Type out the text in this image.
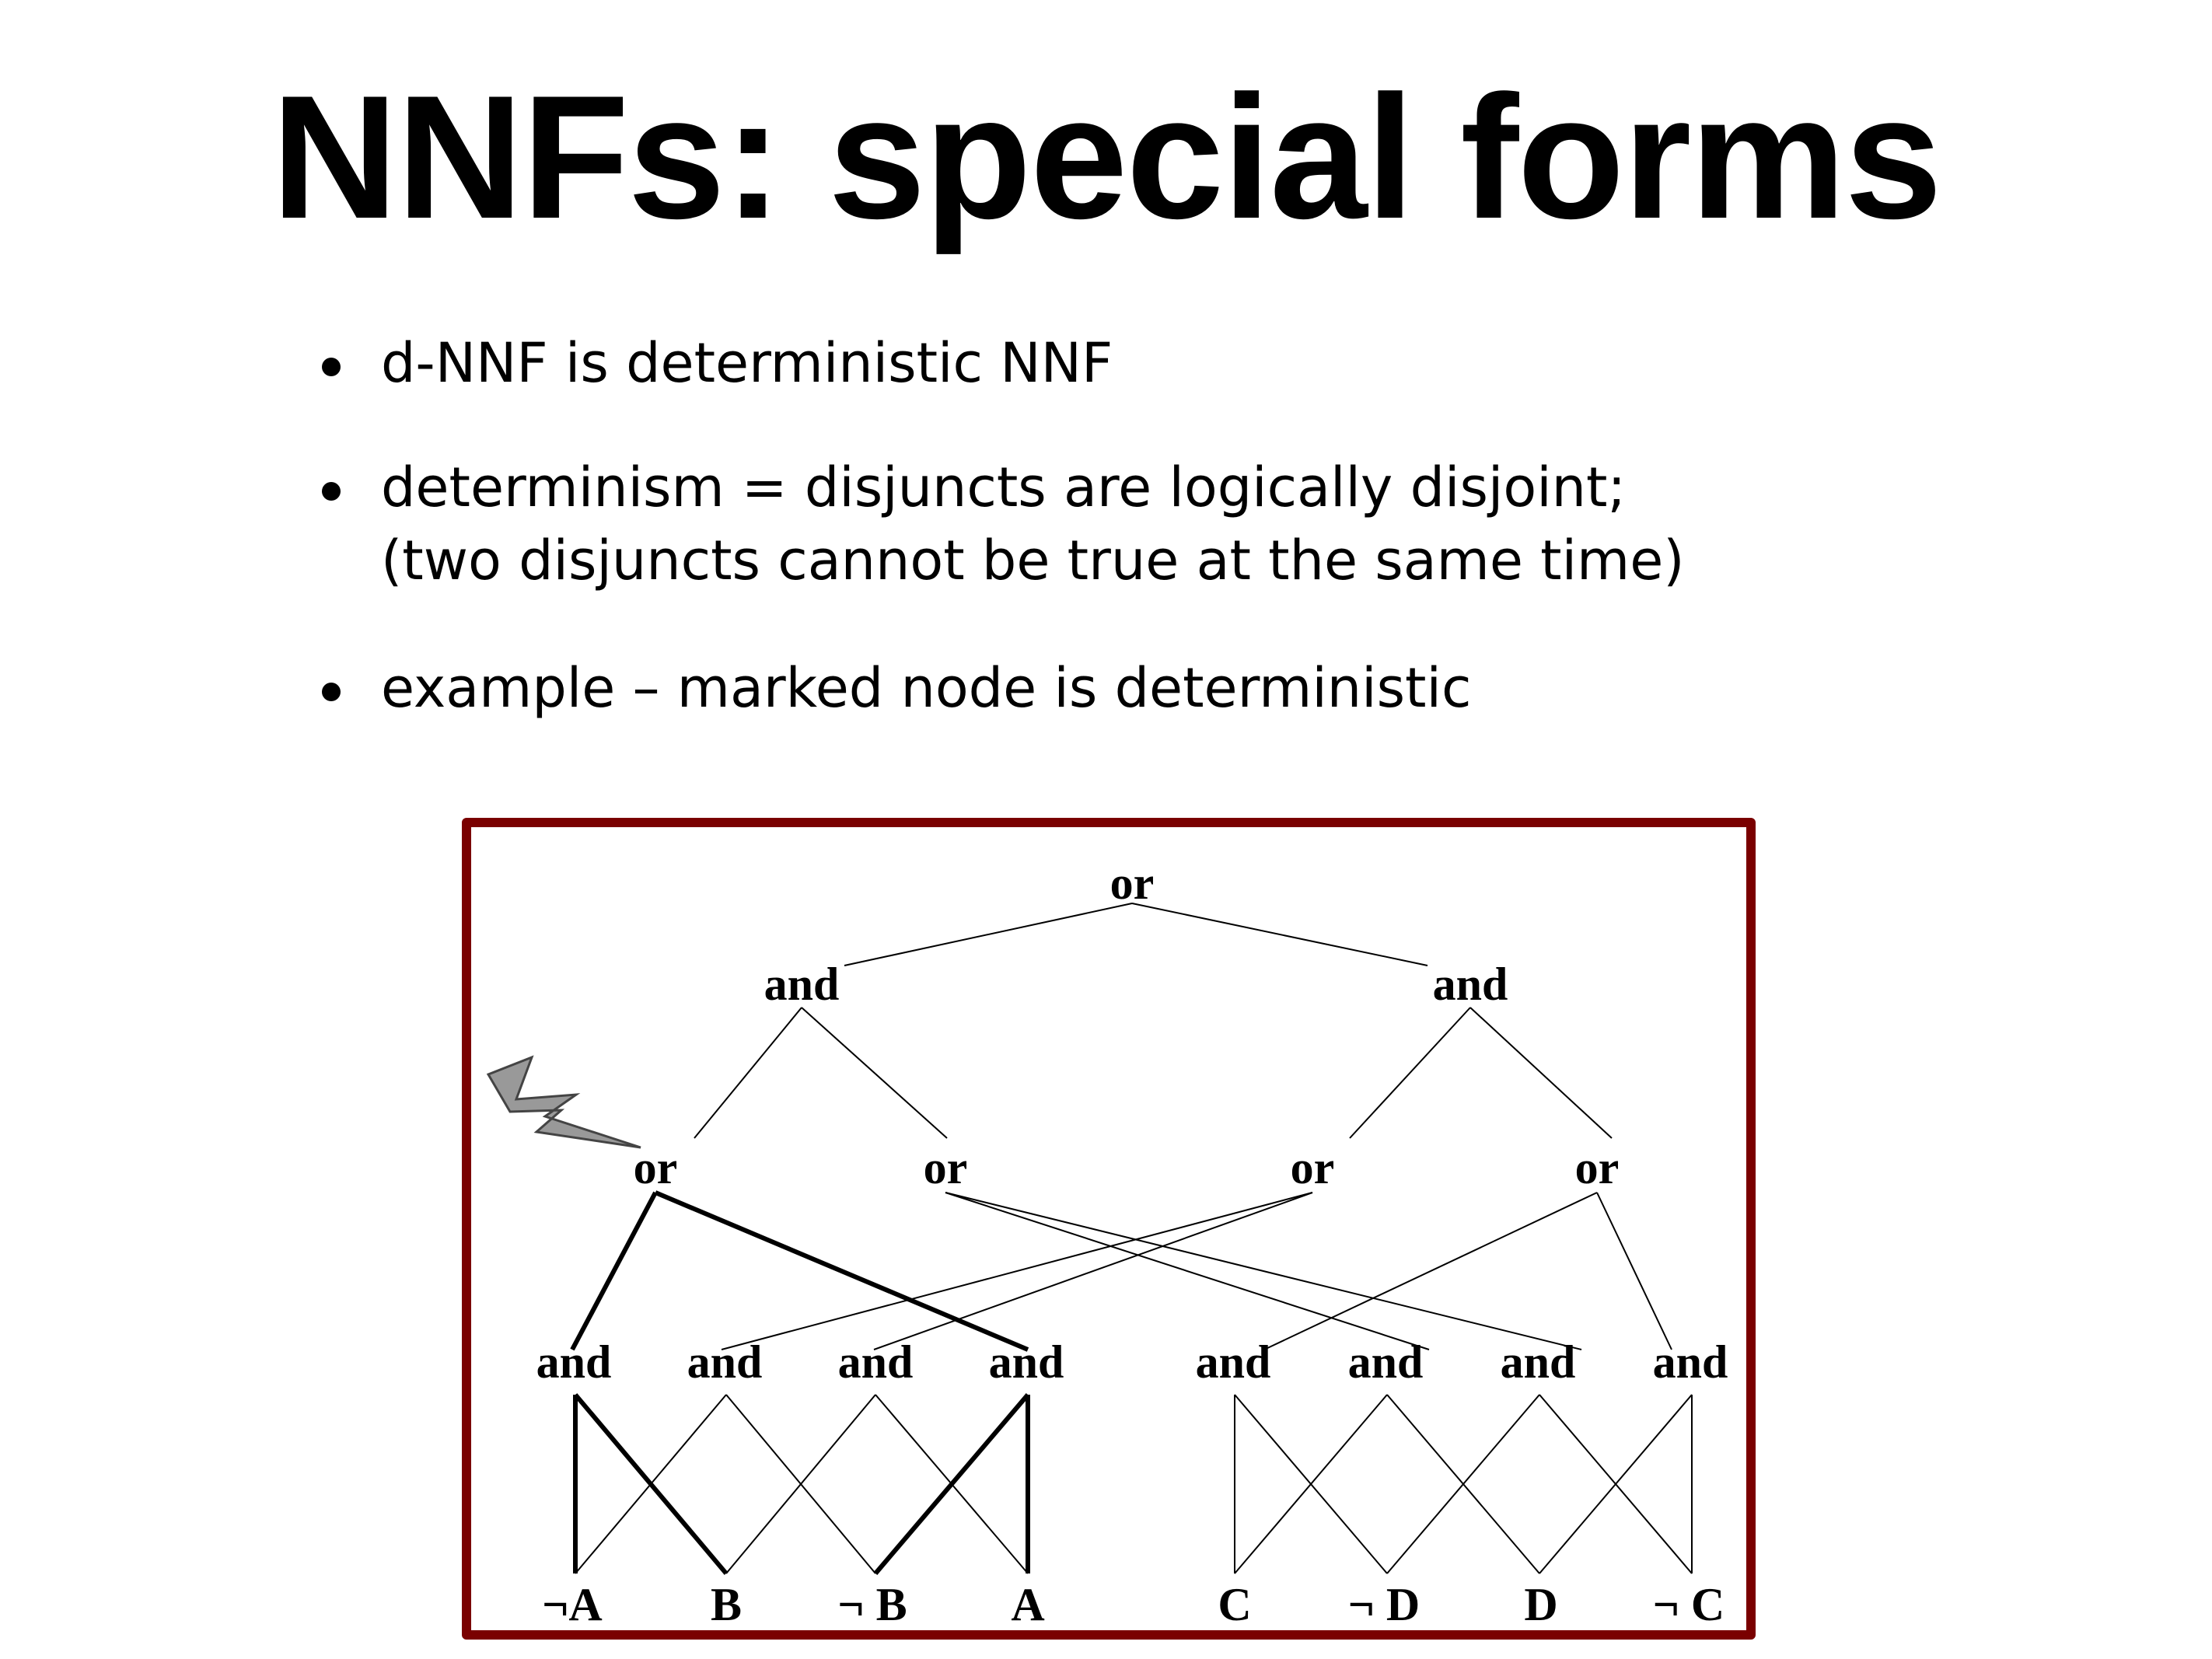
NNFs: special forms
d-NNF is deterministic NNF
determinism = disjuncts are logically disjoint;
(two disjuncts cannot be true at the same time)
example – marked node is deterministic
or
and	and
or	or	or	or
and and and and	and and and and
¬A B ¬ B A	C ¬ D D ¬ C
